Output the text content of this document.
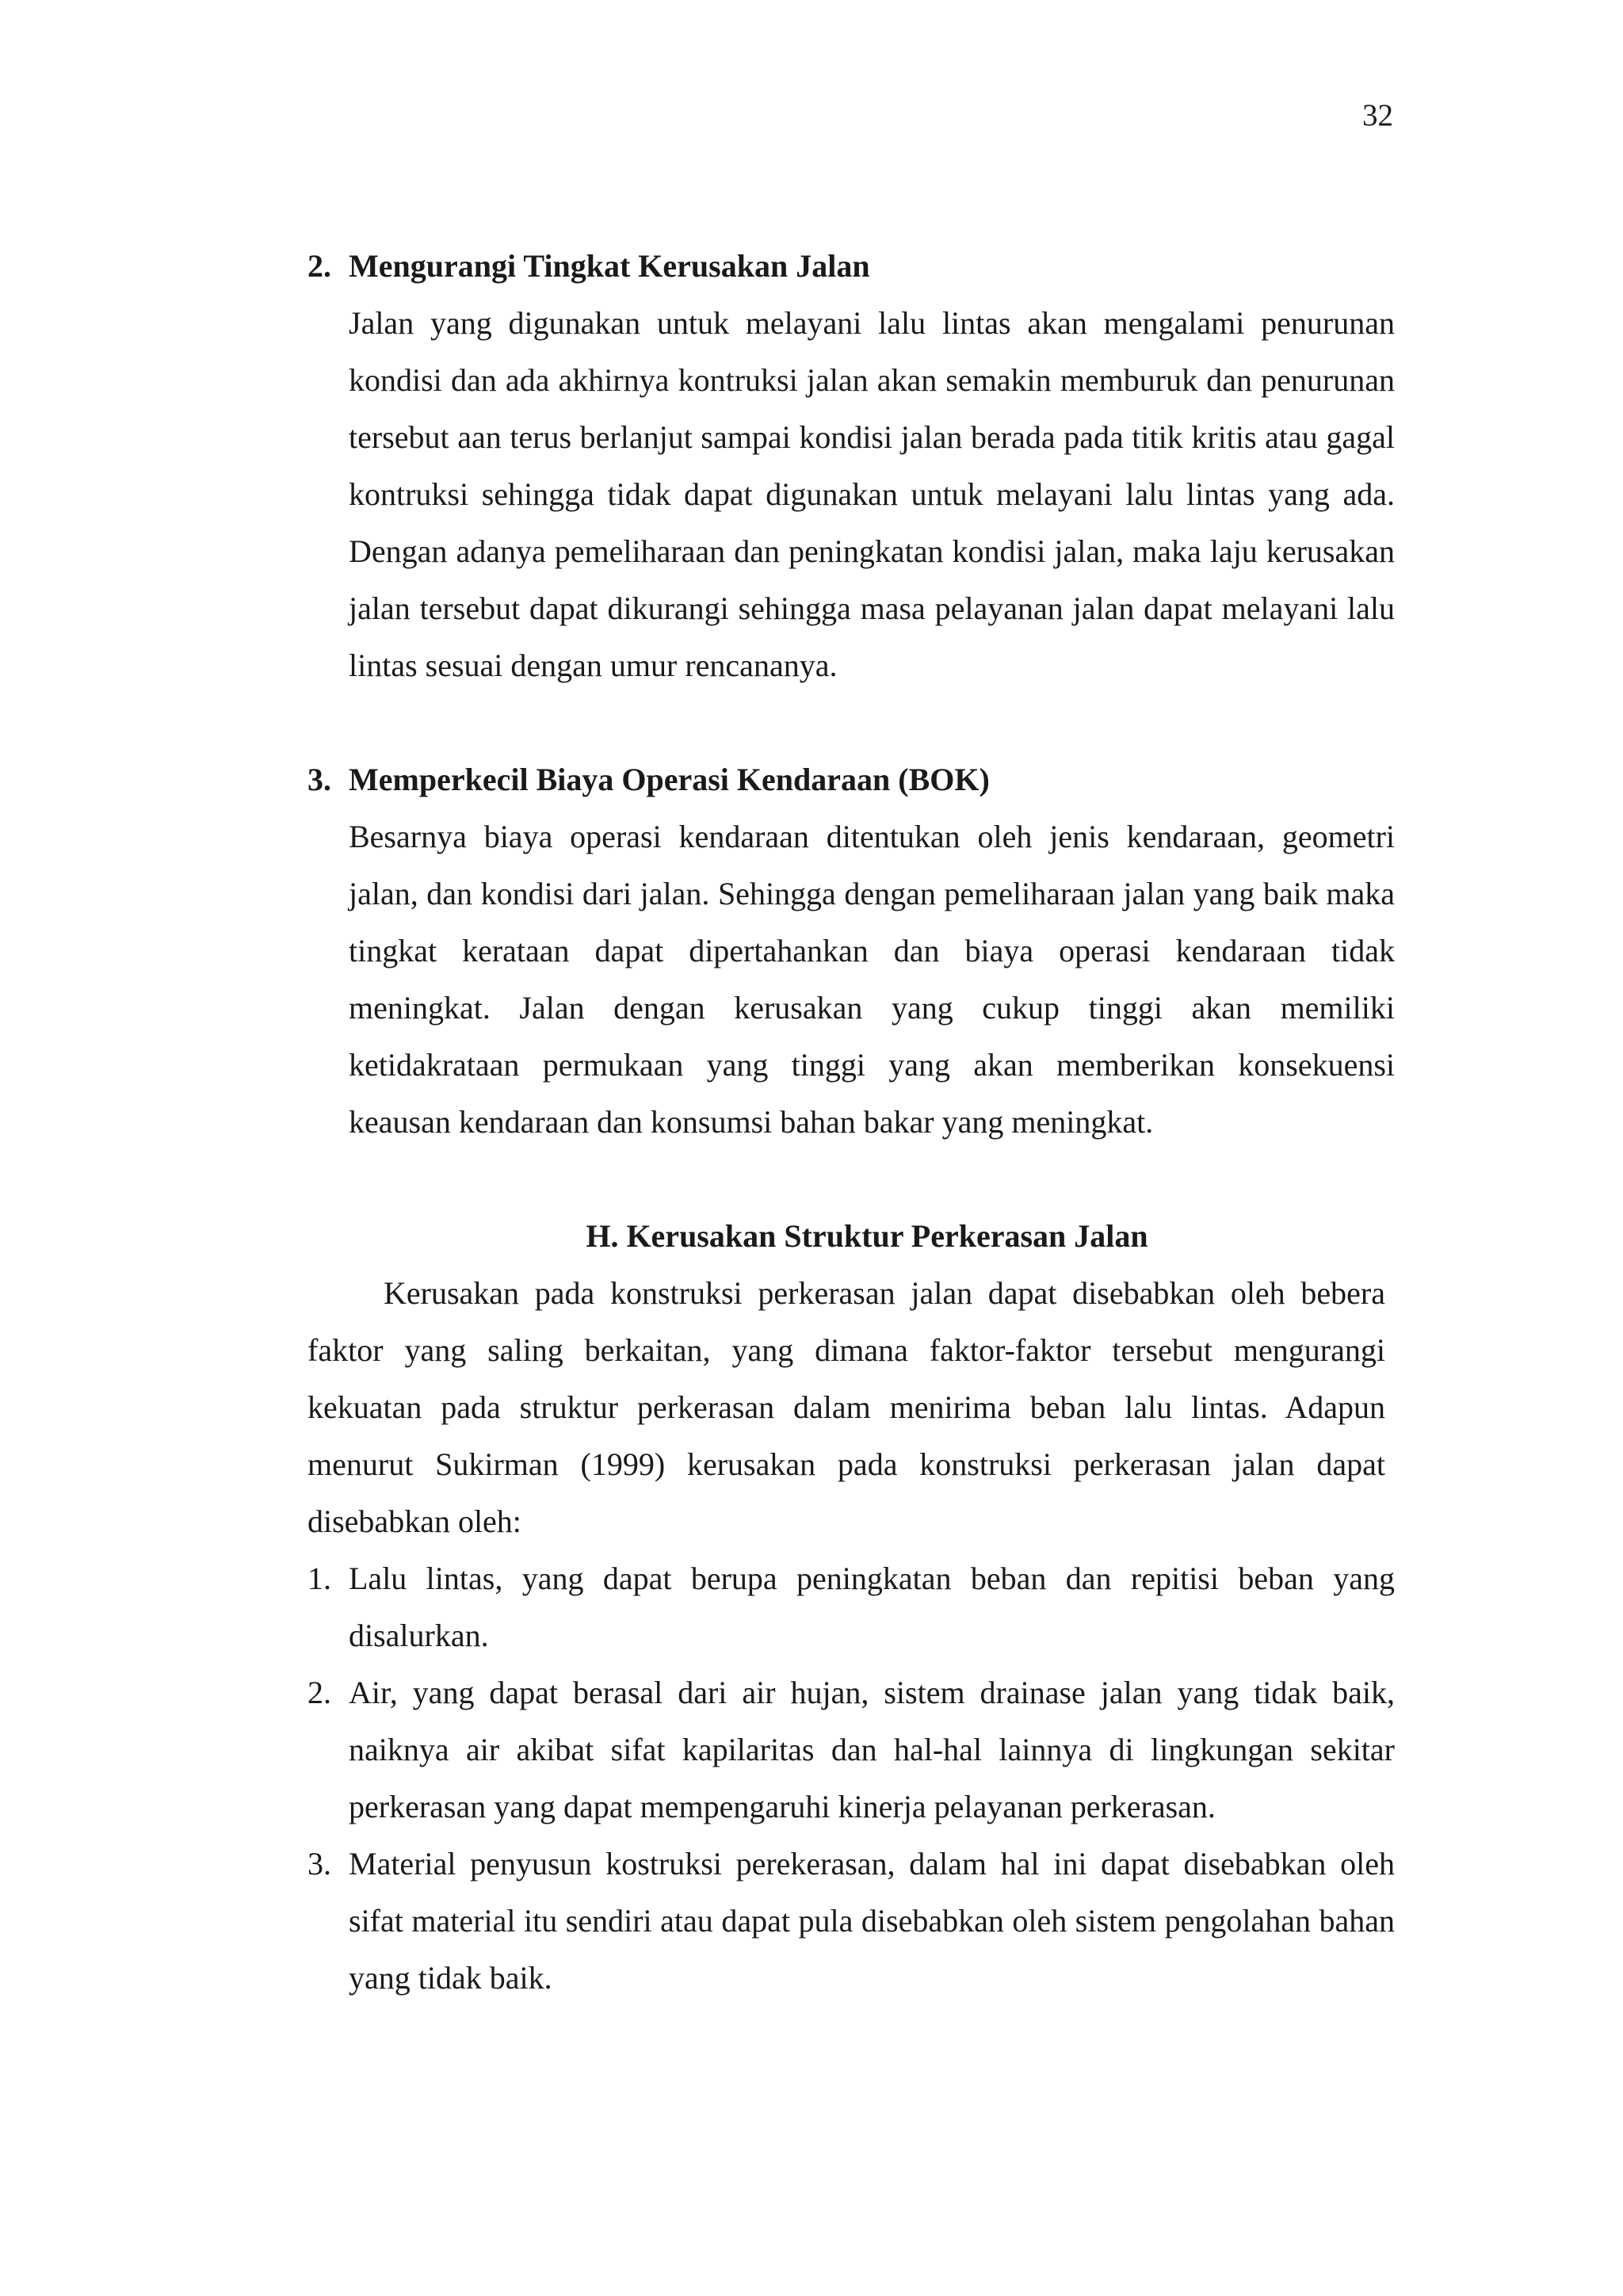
32

2. Mengurangi Tingkat Kerusakan Jalan

Jalan yang digunakan untuk melayani lalu lintas akan mengalami penurunan kondisi dan ada akhirnya kontruksi jalan akan semakin memburuk dan penurunan tersebut aan terus berlanjut sampai kondisi jalan berada pada titik kritis atau gagal kontruksi sehingga tidak dapat digunakan untuk melayani lalu lintas yang ada. Dengan adanya pemeliharaan dan peningkatan kondisi jalan, maka laju kerusakan jalan tersebut dapat dikurangi sehingga masa pelayanan jalan dapat melayani lalu lintas sesuai dengan umur rencananya.

3. Memperkecil Biaya Operasi Kendaraan (BOK)

Besarnya biaya operasi kendaraan ditentukan oleh jenis kendaraan, geometri jalan, dan kondisi dari jalan. Sehingga dengan pemeliharaan jalan yang baik maka tingkat kerataan dapat dipertahankan dan biaya operasi kendaraan tidak meningkat. Jalan dengan kerusakan yang cukup tinggi akan memiliki ketidakrataan permukaan yang tinggi yang akan memberikan konsekuensi keausan kendaraan dan konsumsi bahan bakar yang meningkat.

H. Kerusakan Struktur Perkerasan Jalan

Kerusakan pada konstruksi perkerasan jalan dapat disebabkan oleh bebera faktor yang saling berkaitan, yang dimana faktor-faktor tersebut mengurangi kekuatan pada struktur perkerasan dalam menirima beban lalu lintas. Adapun menurut Sukirman (1999) kerusakan pada konstruksi perkerasan jalan dapat disebabkan oleh:

1. Lalu lintas, yang dapat berupa peningkatan beban dan repitisi beban yang disalurkan.
2. Air, yang dapat berasal dari air hujan, sistem drainase jalan yang tidak baik, naiknya air akibat sifat kapilaritas dan hal-hal lainnya di lingkungan sekitar perkerasan yang dapat mempengaruhi kinerja pelayanan perkerasan.
3. Material penyusun kostruksi perekerasan, dalam hal ini dapat disebabkan oleh sifat material itu sendiri atau dapat pula disebabkan oleh sistem pengolahan bahan yang tidak baik.
